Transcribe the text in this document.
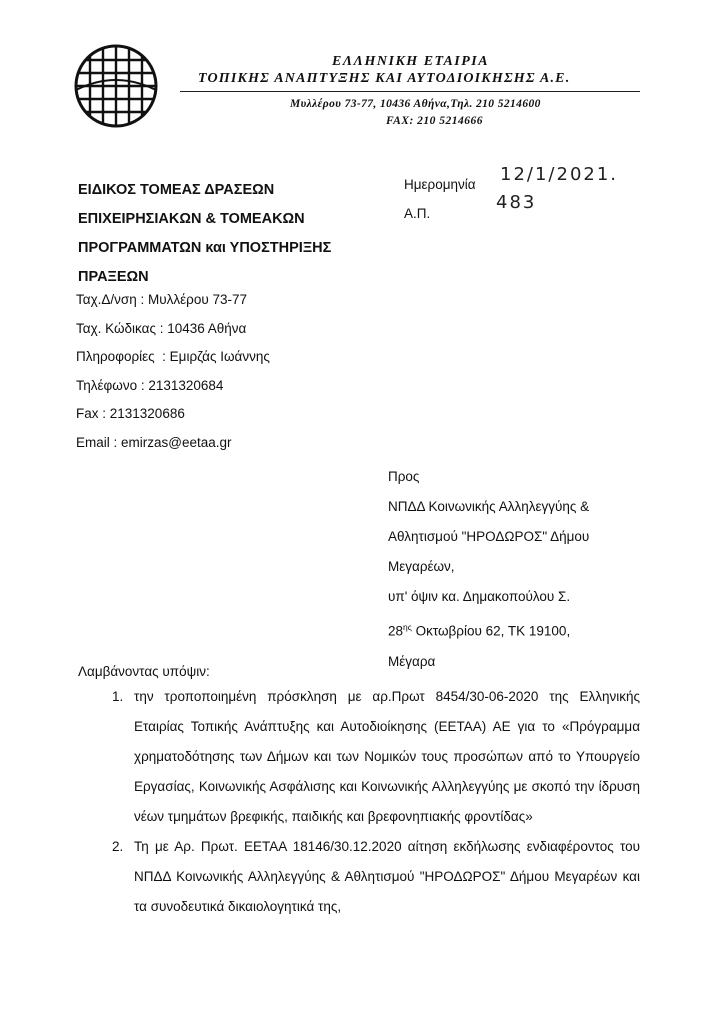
ΕΛΛΗΝΙΚΗ ΕΤΑΙΡΙΑ
ΤΟΠΙΚΗΣ ΑΝΑΠΤΥΞΗΣ ΚΑΙ ΑΥΤΟΔΙΟΙΚΗΣΗΣ Α.Ε.
Μυλλέρου 73-77, 10436 Αθήνα,Τηλ. 210 5214600
FAX: 210 5214666
ΕΙΔΙΚΟΣ ΤΟΜΕΑΣ ΔΡΑΣΕΩΝ
ΕΠΙΧΕΙΡΗΣΙΑΚΩΝ & ΤΟΜΕΑΚΩΝ
ΠΡΟΓΡΑΜΜΑΤΩΝ και ΥΠΟΣΤΗΡΙΞΗΣ
ΠΡΑΞΕΩΝ
Ταχ.Δ/νση : Μυλλέρου 73-77
Ταχ. Κώδικας : 10436 Αθήνα
Πληροφορίες  : Εμιρζάς Ιωάννης
Τηλέφωνο : 2131320684
Fax : 2131320686
Email : emirzas@eetaa.gr
Ημερομηνία
Α.Π.
12/1/2021.
483
Προς
ΝΠΔΔ Κοινωνικής Αλληλεγγύης &
Αθλητισμού "ΗΡΟΔΩΡΟΣ" Δήμου
Μεγαρέων,
υπ' όψιν κα. Δημακοπούλου Σ.
$28^{\eta\varsigma}$ Οκτωβρίου 62, ΤΚ 19100,
Μέγαρα
Λαμβάνοντας υπόψιν:
1. την τροποποιημένη πρόσκληση με αρ.Πρωτ 8454/30-06-2020 της Ελληνικής Εταιρίας Τοπικής Ανάπτυξης και Αυτοδιοίκησης (ΕΕΤΑΑ) ΑΕ για το «Πρόγραμμα χρηματοδότησης των Δήμων και των Νομικών τους προσώπων από το Υπουργείο Εργασίας, Κοινωνικής Ασφάλισης και Κοινωνικής Αλληλεγγύης με σκοπό την ίδρυση νέων τμημάτων βρεφικής, παιδικής και βρεφονηπιακής φροντίδας»
2. Τη με Αρ. Πρωτ. ΕΕΤΑΑ 18146/30.12.2020 αίτηση εκδήλωσης ενδιαφέροντος του ΝΠΔΔ Κοινωνικής Αλληλεγγύης & Αθλητισμού "ΗΡΟΔΩΡΟΣ" Δήμου Μεγαρέων και τα συνοδευτικά δικαιολογητικά της,
